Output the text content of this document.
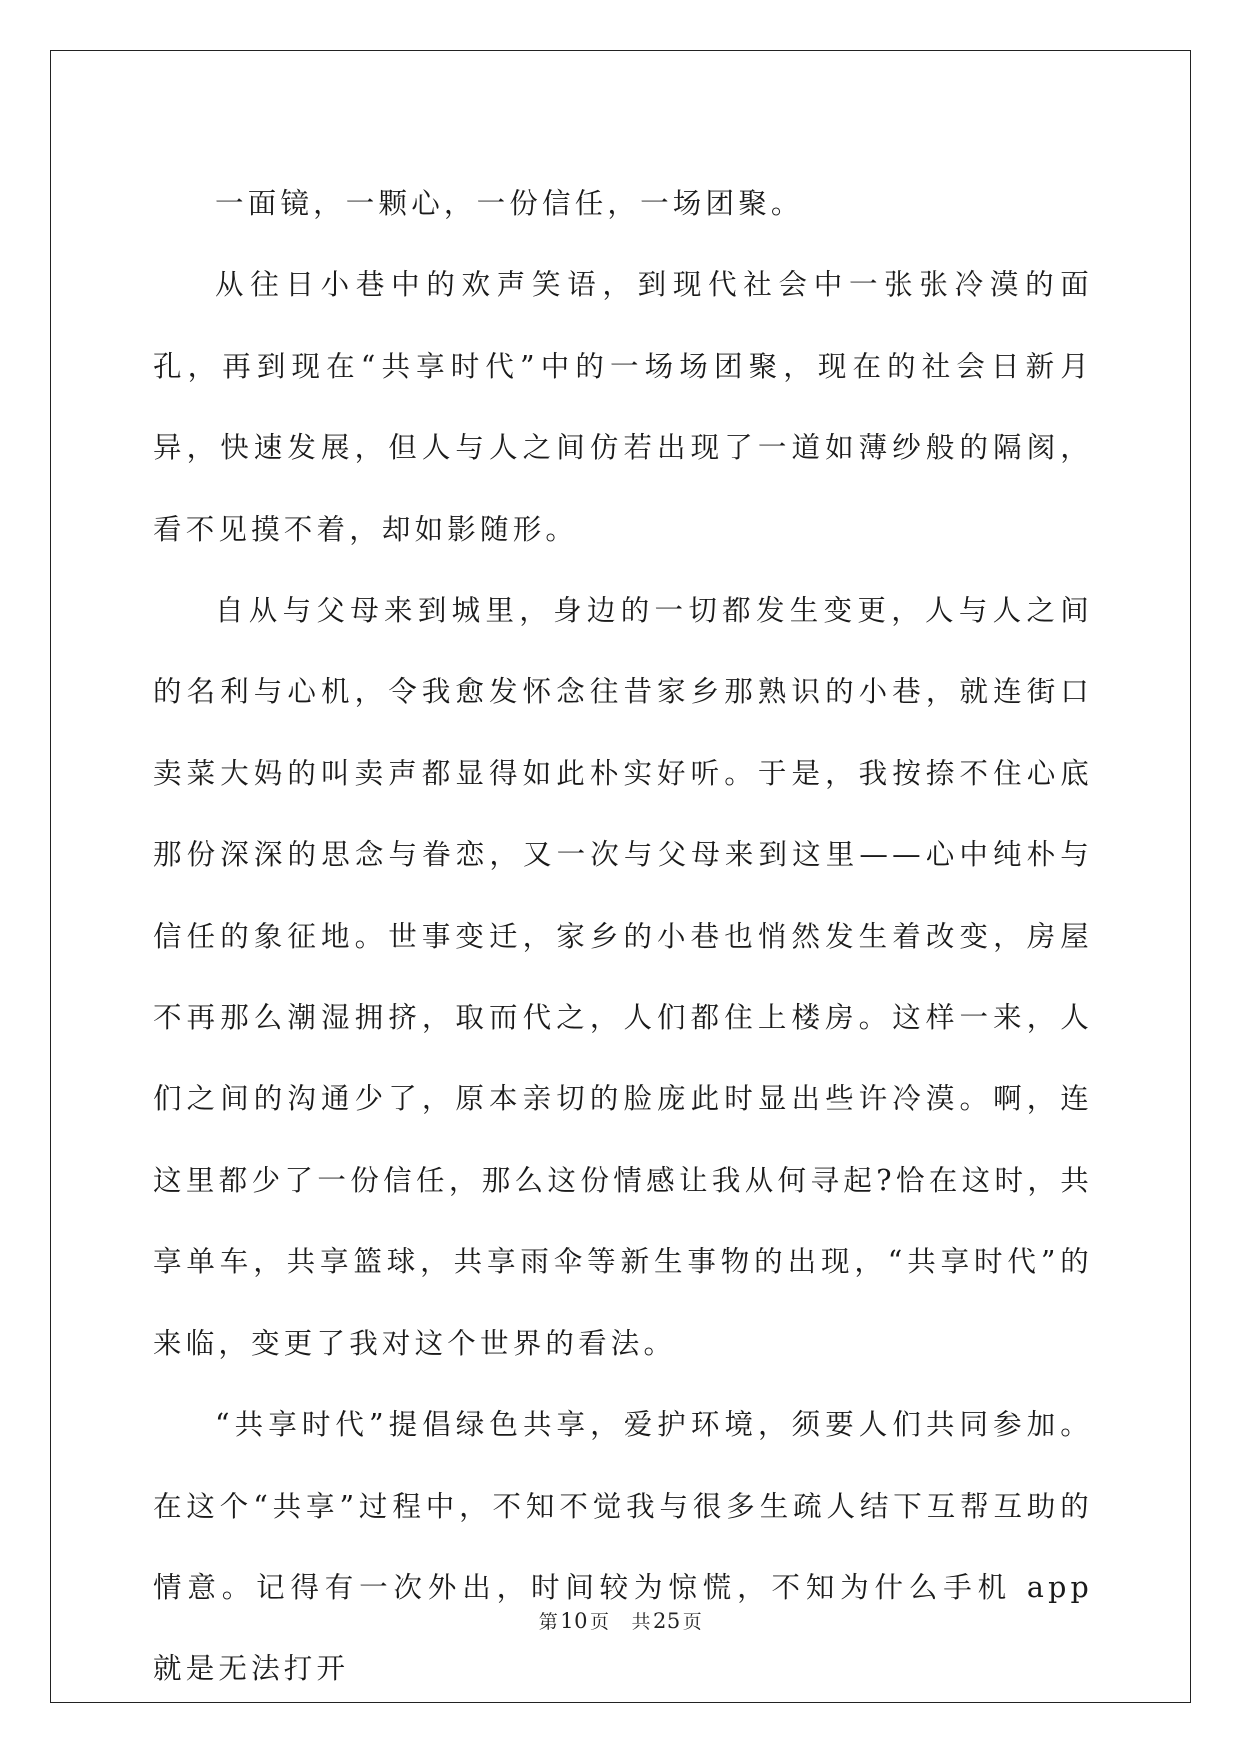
一面镜，一颗心，一份信任，一场团聚。

从往日小巷中的欢声笑语，到现代社会中一张张冷漠的面孔，再到现在“共享时代”中的一场场团聚，现在的社会日新月异，快速发展，但人与人之间仿若出现了一道如薄纱般的隔阂，看不见摸不着，却如影随形。

自从与父母来到城里，身边的一切都发生变更，人与人之间的名利与心机，令我愈发怀念往昔家乡那熟识的小巷，就连街口卖菜大妈的叫卖声都显得如此朴实好听。于是，我按捺不住心底那份深深的思念与眷恋，又一次与父母来到这里——心中纯朴与信任的象征地。世事变迁，家乡的小巷也悄然发生着改变，房屋不再那么潮湿拥挤，取而代之，人们都住上楼房。这样一来，人们之间的沟通少了，原本亲切的脸庞此时显出些许冷漠。啊，连这里都少了一份信任，那么这份情感让我从何寻起?恰在这时，共享单车，共享篮球，共享雨伞等新生事物的出现，“共享时代”的来临，变更了我对这个世界的看法。

“共享时代”提倡绿色共享，爱护环境，须要人们共同参加。在这个“共享”过程中，不知不觉我与很多生疏人结下互帮互助的情意。记得有一次外出，时间较为惊慌，不知为什么手机 app 就是无法打开

第10 页 共25 页
